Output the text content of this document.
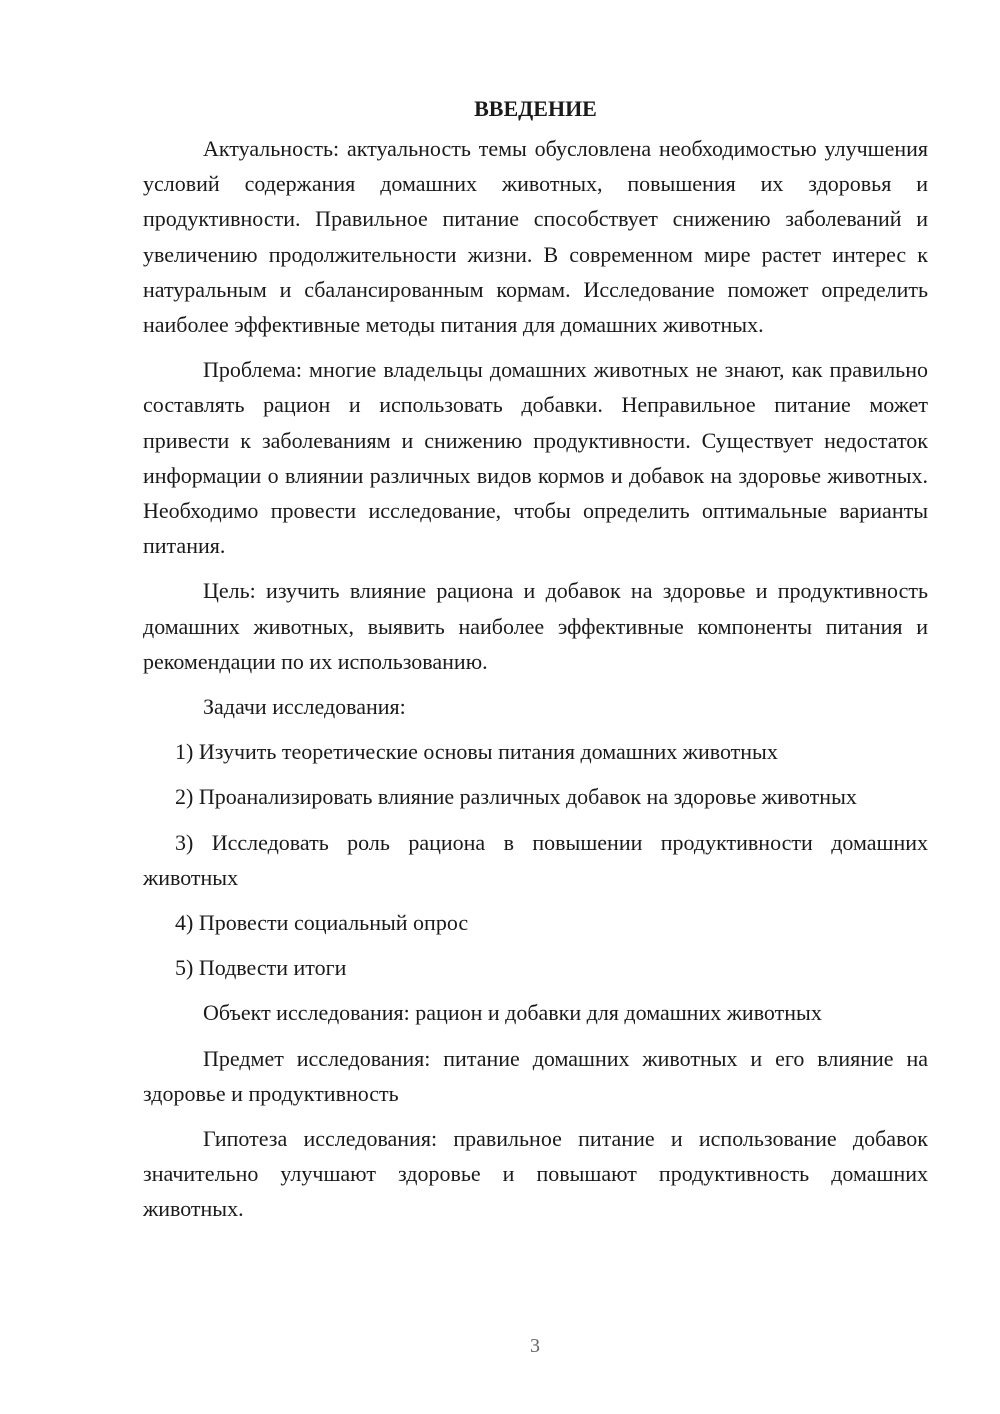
ВВЕДЕНИЕ

Актуальность: актуальность темы обусловлена необходимостью улучшения условий содержания домашних животных, повышения их здоровья и продуктивности. Правильное питание способствует снижению заболеваний и увеличению продолжительности жизни. В современном мире растет интерес к натуральным и сбалансированным кормам. Исследование поможет определить наиболее эффективные методы питания для домашних животных.

Проблема: многие владельцы домашних животных не знают, как правильно составлять рацион и использовать добавки. Неправильное питание может привести к заболеваниям и снижению продуктивности. Существует недостаток информации о влиянии различных видов кормов и добавок на здоровье животных. Необходимо провести исследование, чтобы определить оптимальные варианты питания.

Цель: изучить влияние рациона и добавок на здоровье и продуктивность домашних животных, выявить наиболее эффективные компоненты питания и рекомендации по их использованию.

Задачи исследования:

1) Изучить теоретические основы питания домашних животных

2) Проанализировать влияние различных добавок на здоровье животных

3) Исследовать роль рациона в повышении продуктивности домашних животных

4) Провести социальный опрос

5) Подвести итоги

Объект исследования: рацион и добавки для домашних животных

Предмет исследования: питание домашних животных и его влияние на здоровье и продуктивность

Гипотеза исследования: правильное питание и использование добавок значительно улучшают здоровье и повышают продуктивность домашних животных.

3
